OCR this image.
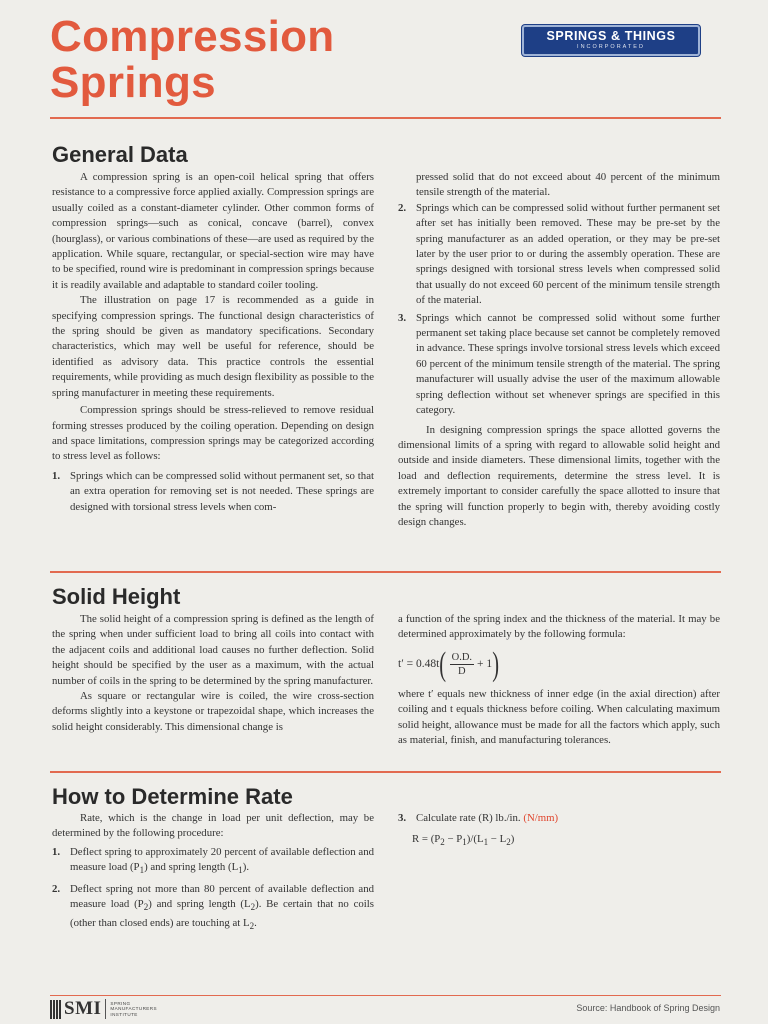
Compression
Springs
SPRINGS & THINGS
INCORPORATED
General Data

A compression spring is an open-coil helical spring that offers resistance to a compressive force applied axially. Compression springs are usually coiled as a constant-diameter cylinder. Other common forms of compression springs—such as conical, concave (barrel), convex (hourglass), or various combinations of these—are used as required by the application. While square, rectangular, or special-section wire may have to be specified, round wire is predominant in compression springs because it is readily available and adaptable to standard coiler tooling.

The illustration on page 17 is recommended as a guide in specifying compression springs. The functional design characteristics of the spring should be given as mandatory specifications. Secondary characteristics, which may well be useful for reference, should be identified as advisory data. This practice controls the essential requirements, while providing as much design flexibility as possible to the spring manufacturer in meeting these requirements.

Compression springs should be stress-relieved to remove residual forming stresses produced by the coiling operation. Depending on design and space limitations, compression springs may be categorized according to stress level as follows:

1. Springs which can be compressed solid without permanent set, so that an extra operation for removing set is not needed. These springs are designed with torsional stress levels when com-
pressed solid that do not exceed about 40 percent of the minimum tensile strength of the material.
2. Springs which can be compressed solid without further permanent set after set has initially been removed. These may be pre-set by the spring manufacturer as an added operation, or they may be pre-set later by the user prior to or during the assembly operation. These are springs designed with torsional stress levels when compressed solid that usually do not exceed 60 percent of the minimum tensile strength of the material.
3. Springs which cannot be compressed solid without some further permanent set taking place because set cannot be completely removed in advance. These springs involve torsional stress levels which exceed 60 percent of the minimum tensile strength of the material. The spring manufacturer will usually advise the user of the maximum allowable spring deflection without set whenever springs are specified in this category.

In designing compression springs the space allotted governs the dimensional limits of a spring with regard to allowable solid height and outside and inside diameters. These dimensional limits, together with the load and deflection requirements, determine the stress level. It is extremely important to consider carefully the space allotted to insure that the spring will function properly to begin with, thereby avoiding costly design changes.

Solid Height

The solid height of a compression spring is defined as the length of the spring when under sufficient load to bring all coils into contact with the adjacent coils and additional load causes no further deflection. Solid height should be specified by the user as a maximum, with the actual number of coils in the spring to be determined by the spring manufacturer.

As square or rectangular wire is coiled, the wire cross-section deforms slightly into a keystone or trapezoidal shape, which increases the solid height considerably. This dimensional change is

a function of the spring index and the thickness of the material. It may be determined approximately by the following formula:

t′ = 0.48t ( $\frac{O.D.}{D} + 1$ )

where t′ equals new thickness of inner edge (in the axial direction) after coiling and t equals thickness before coiling. When calculating maximum solid height, allowance must be made for all the factors which apply, such as material, finish, and manufacturing tolerances.

How to Determine Rate

Rate, which is the change in load per unit deflection, may be determined by the following procedure:

1. Deflect spring to approximately 20 percent of available deflection and measure load $(P_1)$ and spring length $(L_1)$.
2. Deflect spring not more than 80 percent of available deflection and measure load $(P_2)$ and spring length $(L_2)$. Be certain that no coils (other than closed ends) are touching at $L_2$.
3. Calculate rate (R) lb./in. (N/mm)
$R = (P_2 - P_1)/(L_1 - L_2)$
SMI	SPRING
MANUFACTURERS
INSTITUTE
Source: Handbook of Spring Design
